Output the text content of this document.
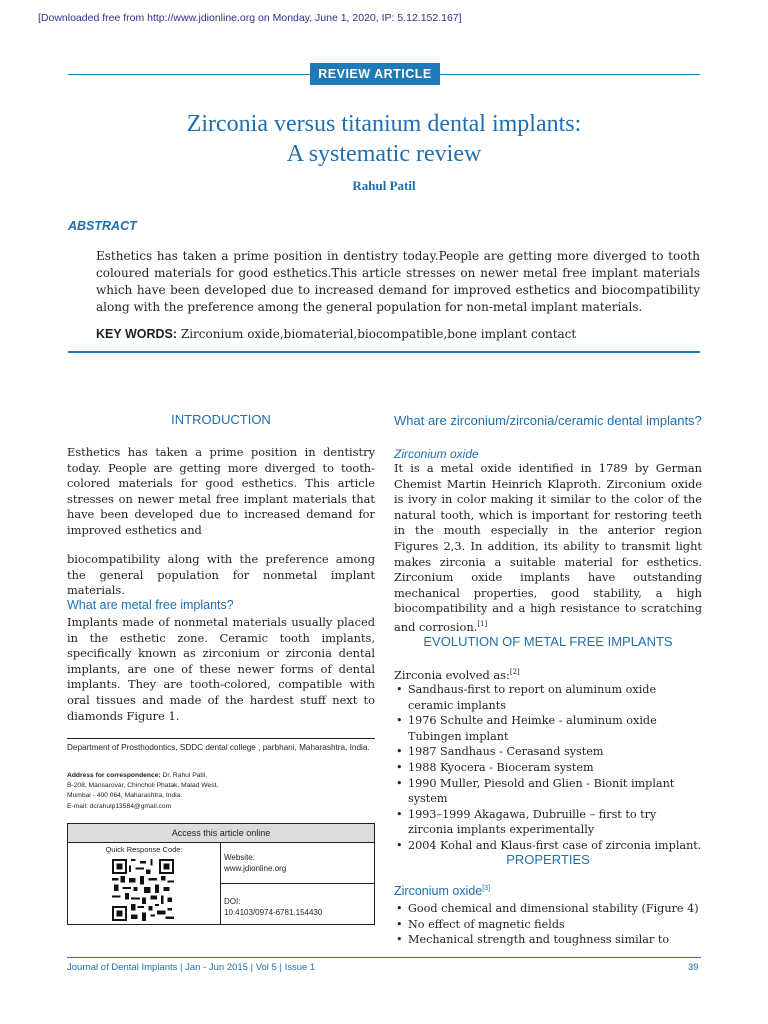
[Downloaded free from http://www.jdionline.org on Monday, June 1, 2020, IP: 5.12.152.167]
REVIEW ARTICLE
Zirconia versus titanium dental implants:
A systematic review
Rahul Patil
ABSTRACT
Esthetics has taken a prime position in dentistry today.People are getting more diverged to tooth coloured materials for good esthetics.This article stresses on newer metal free implant materials which have been developed due to increased demand for improved esthetics and biocompatibility along with the preference among the general population for non-metal implant materials.
KEY WORDS: Zirconium oxide,biomaterial,biocompatible,bone implant contact
INTRODUCTION
Esthetics has taken a prime position in dentistry today. People are getting more diverged to tooth-colored materials for good esthetics. This article stresses on newer metal free implant materials that have been developed due to increased demand for improved esthetics and
biocompatibility along with the preference among the general population for nonmetal implant materials.
What are metal free implants?
Implants made of nonmetal materials usually placed in the esthetic zone. Ceramic tooth implants, specifically known as zirconium or zirconia dental implants, are one of these newer forms of dental implants. They are tooth-colored, compatible with oral tissues and made of the hardest stuff next to diamonds Figure 1.
Department of Prosthodontics, SDDC dental college , parbhani, Maharashtra, India.
Address for correspondence: Dr. Rahul Patil,
B-208, Mansarovar, Chincholi Phatak, Malad West,
Mumbai - 400 064, Maharashtra, India.
E-mail: dcrahulp13584@gmail.com
Access this article online
Quick Response Code:
Website:
www.jdionline.org
DOI:
10.4103/0974-6781.154430
What are zirconium/zirconia/ceramic dental implants?
Zirconium oxide
It is a metal oxide identified in 1789 by German Chemist Martin Heinrich Klaproth. Zirconium oxide is ivory in color making it similar to the color of the natural tooth, which is important for restoring teeth in the mouth especially in the anterior region Figures 2,3. In addition, its ability to transmit light makes zirconia a suitable material for esthetics. Zirconium oxide implants have outstanding mechanical properties, good stability, a high biocompatibility and a high resistance to scratching and corrosion.[1]
EVOLUTION OF METAL FREE IMPLANTS
Zirconia evolved as:[2]
• Sandhaus-first to report on aluminum oxide ceramic implants
• 1976 Schulte and Heimke - aluminum oxide Tubingen implant
• 1987 Sandhaus - Cerasand system
• 1988 Kyocera - Bioceram system
• 1990 Muller, Piesold and Glien - Bionit implant system
• 1993–1999 Akagawa, Dubruille – first to try zirconia implants experimentally
• 2004 Kohal and Klaus-first case of zirconia implant.
PROPERTIES
Zirconium oxide[3]
• Good chemical and dimensional stability (Figure 4)
• No effect of magnetic fields
• Mechanical strength and toughness similar to
Journal of Dental Implants | Jan - Jun 2015 | Vol 5 | Issue 1	39
